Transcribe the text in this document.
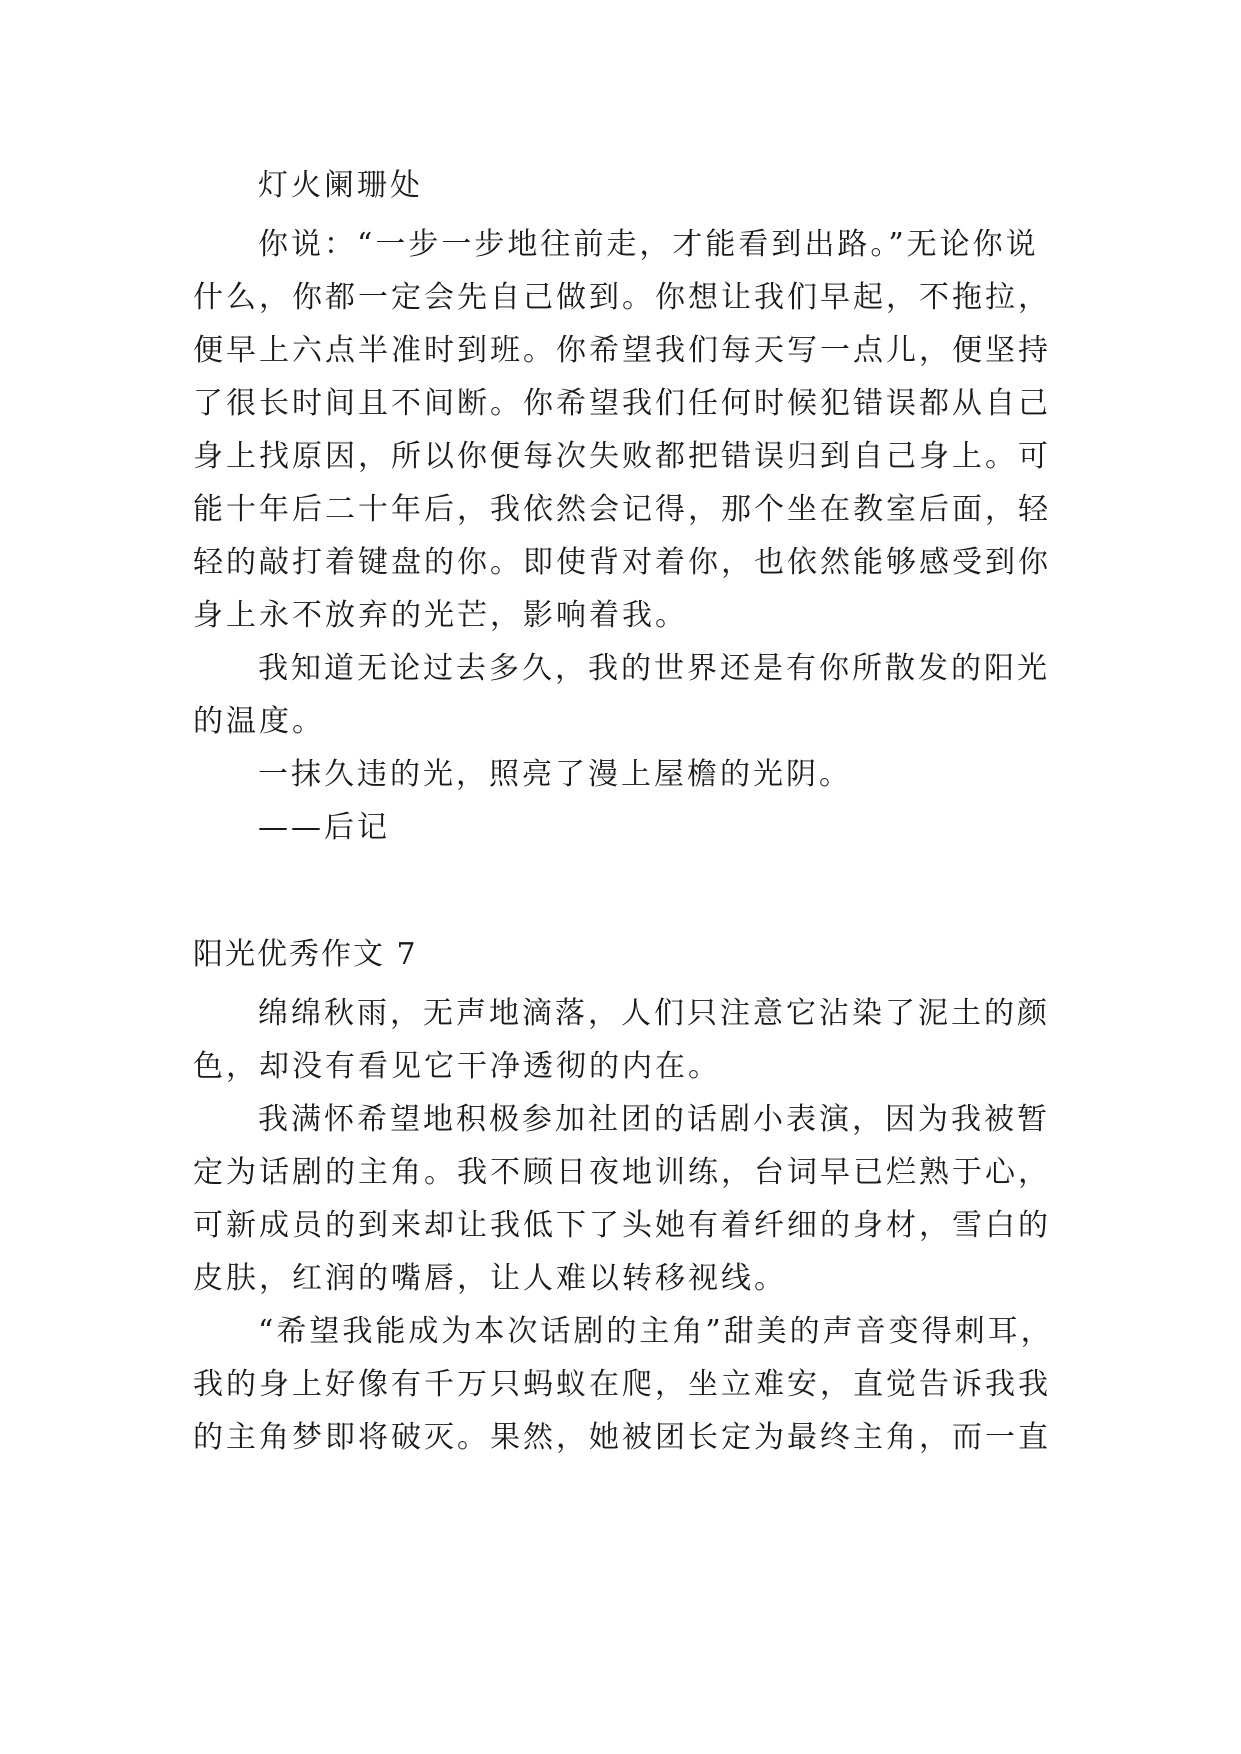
灯火阑珊处
你说：“一步一步地往前走，才能看到出路。”无论你说
什么，你都一定会先自己做到。你想让我们早起，不拖拉，
便早上六点半准时到班。你希望我们每天写一点儿，便坚持
了很长时间且不间断。你希望我们任何时候犯错误都从自己
身上找原因，所以你便每次失败都把错误归到自己身上。可
能十年后二十年后，我依然会记得，那个坐在教室后面，轻
轻的敲打着键盘的你。即使背对着你，也依然能够感受到你
身上永不放弃的光芒，影响着我。
我知道无论过去多久，我的世界还是有你所散发的阳光
的温度。
一抹久违的光，照亮了漫上屋檐的光阴。
——后记
阳光优秀作文 7
绵绵秋雨，无声地滴落，人们只注意它沾染了泥土的颜
色，却没有看见它干净透彻的内在。
我满怀希望地积极参加社团的话剧小表演，因为我被暂
定为话剧的主角。我不顾日夜地训练，台词早已烂熟于心，
可新成员的到来却让我低下了头她有着纤细的身材，雪白的
皮肤，红润的嘴唇，让人难以转移视线。
“希望我能成为本次话剧的主角”甜美的声音变得刺耳，
我的身上好像有千万只蚂蚁在爬，坐立难安，直觉告诉我我
的主角梦即将破灭。果然，她被团长定为最终主角，而一直
